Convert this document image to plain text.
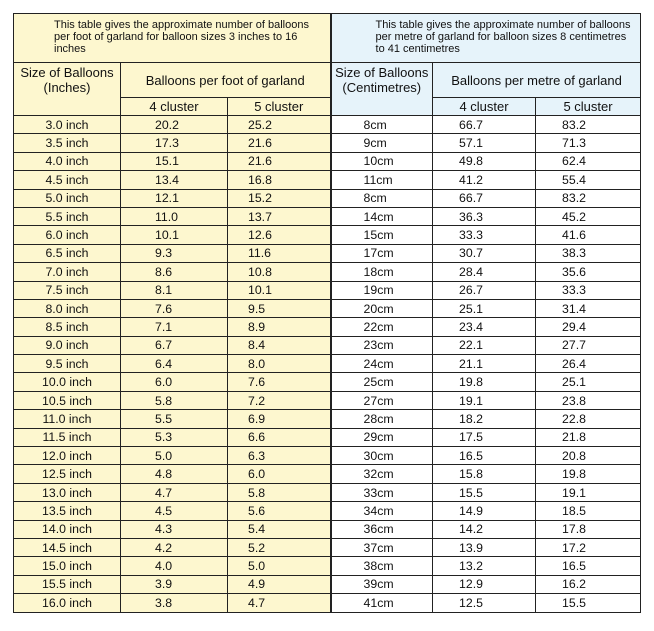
This table gives the approximate number of balloons per foot of garland for balloon sizes 3 inches to 16 inches			This table gives the approximate number of balloons per metre of garland for balloon sizes 8 centimetres to 41 centimetres		

Size of Balloons (Inches)	Balloons per foot of garland		Size of Balloons (Centimetres)	Balloons per metre of garland	
	4 cluster	5 cluster		4 cluster	5 cluster
3.0 inch	20.2	25.2	8cm	66.7	83.2
3.5 inch	17.3	21.6	9cm	57.1	71.3
4.0 inch	15.1	21.6	10cm	49.8	62.4
4.5 inch	13.4	16.8	11cm	41.2	55.4
5.0 inch	12.1	15.2	8cm	66.7	83.2
5.5 inch	11.0	13.7	14cm	36.3	45.2
6.0 inch	10.1	12.6	15cm	33.3	41.6
6.5 inch	9.3	11.6	17cm	30.7	38.3
7.0 inch	8.6	10.8	18cm	28.4	35.6
7.5 inch	8.1	10.1	19cm	26.7	33.3
8.0 inch	7.6	9.5	20cm	25.1	31.4
8.5 inch	7.1	8.9	22cm	23.4	29.4
9.0 inch	6.7	8.4	23cm	22.1	27.7
9.5 inch	6.4	8.0	24cm	21.1	26.4
10.0 inch	6.0	7.6	25cm	19.8	25.1
10.5 inch	5.8	7.2	27cm	19.1	23.8
11.0 inch	5.5	6.9	28cm	18.2	22.8
11.5 inch	5.3	6.6	29cm	17.5	21.8
12.0 inch	5.0	6.3	30cm	16.5	20.8
12.5 inch	4.8	6.0	32cm	15.8	19.8
13.0 inch	4.7	5.8	33cm	15.5	19.1
13.5 inch	4.5	5.6	34cm	14.9	18.5
14.0 inch	4.3	5.4	36cm	14.2	17.8
14.5 inch	4.2	5.2	37cm	13.9	17.2
15.0 inch	4.0	5.0	38cm	13.2	16.5
15.5 inch	3.9	4.9	39cm	12.9	16.2
16.0 inch	3.8	4.7	41cm	12.5	15.5
